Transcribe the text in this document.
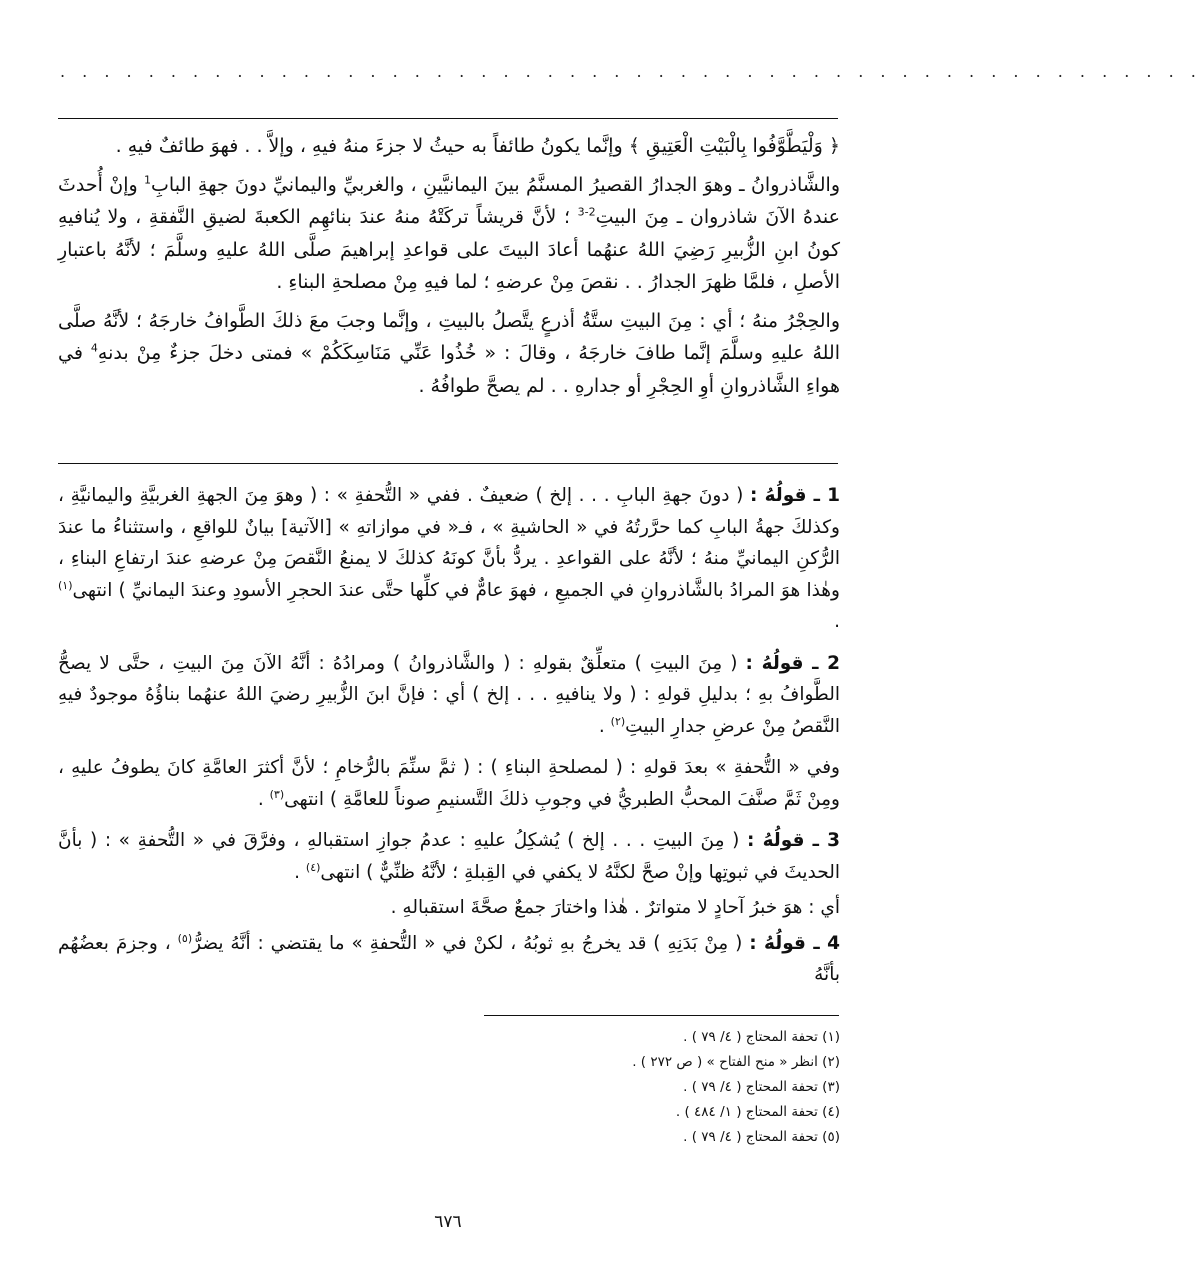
. . . . . . . . . . . . . . . . . . . . . . . . . . . . . . . . . . . . . . . . . . . . . . . . . . . .

﴿ وَلْيَطَّوَّفُوا بِالْبَيْتِ الْعَتِيقِ ﴾ وإنَّما يكونُ طائفاً به حيثُ لا جزءَ منهُ فيهِ ، وإلاَّ . . فهوَ طائفٌ فيهِ .

والشَّاذروانُ ـ وهوَ الجدارُ القصيرُ المسنَّمُ بينَ اليمانيَّينِ ، والغربيِّ واليمانيِّ دونَ جهةِ البابِ$^1$ وإنْ أُحدثَ عندهُ الآنَ شاذروان ـ مِنَ البيتِ$^{2-3}$ ؛ لأنَّ قريشاً تركَتْهُ منهُ عندَ بنائهِم الكعبةَ لضيقِ النَّفقةِ ، ولا يُنافيهِ كونُ ابنِ الزُّبيرِ رَضِيَ اللهُ عنهُما أعادَ البيتَ على قواعدِ إبراهيمَ صلَّى اللهُ عليهِ وسلَّمَ ؛ لأنَّهُ باعتبارِ الأصلِ ، فلمَّا ظهرَ الجدارُ . . نقصَ مِنْ عرضهِ ؛ لما فيهِ مِنْ مصلحةِ البناءِ .

والحِجْرُ منهُ ؛ أي : مِنَ البيتِ ستَّةُ أذرعٍ يتَّصلُ بالبيتِ ، وإنَّما وجبَ معَ ذلكَ الطَّوافُ خارجَهُ ؛ لأنَّهُ صلَّى اللهُ عليهِ وسلَّمَ إنَّما طافَ خارجَهُ ، وقالَ : « خُذُوا عَنِّي مَنَاسِكَكُمْ » فمتى دخلَ جزءٌ مِنْ بدنهِ$^4$ في هواءِ الشَّاذروانِ أوِ الحِجْرِ أو جدارهِ . . لم يصحَّ طوافُهُ .

1 ـ قولُهُ : ( دونَ جهةِ البابِ . . . إلخ ) ضعيفٌ . ففي « التُّحفةِ » : ( وهوَ مِنَ الجهةِ الغربيَّةِ واليمانيَّةِ ، وكذلكَ جهةُ البابِ كما حرَّرتُهُ في « الحاشيةِ » ، فـ« في موازاتهِ » [الآتية] بيانٌ للواقعِ ، واستثناءُ ما عندَ الرُّكنِ اليمانيِّ منهُ ؛ لأنَّهُ على القواعدِ . يردُّ بأنَّ كونَهُ كذلكَ لا يمنعُ النَّقصَ مِنْ عرضهِ عندَ ارتفاعِ البناءِ ، وهٰذا هوَ المرادُ بالشَّاذروانِ في الجميعِ ، فهوَ عامٌّ في كلِّها حتَّى عندَ الحجرِ الأسودِ وعندَ اليمانيِّ ) انتهى$^{(١)}$ .

2 ـ قولُهُ : ( مِنَ البيتِ ) متعلِّقٌ بقولهِ : ( والشَّاذروانُ ) ومرادُهُ : أنَّهُ الآنَ مِنَ البيتِ ، حتَّى لا يصحُّ الطَّوافُ بهِ ؛ بدليلِ قولهِ : ( ولا ينافيهِ . . . إلخ ) أي : فإنَّ ابنَ الزُّبيرِ رضيَ اللهُ عنهُما بناؤُهُ موجودٌ فيهِ النَّقصُ مِنْ عرضِ جدارِ البيتِ$^{(٢)}$ .

وفي « التُّحفةِ » بعدَ قولهِ : ( لمصلحةِ البناءِ ) : ( ثمَّ سنِّمَ بالرُّخامِ ؛ لأنَّ أكثرَ العامَّةِ كانَ يطوفُ عليهِ ، ومِنْ ثَمَّ صنَّفَ المحبُّ الطبريُّ في وجوبِ ذلكَ التَّسنيمِ صوناً للعامَّةِ ) انتهى$^{(٣)}$ .

3 ـ قولُهُ : ( مِنَ البيتِ . . . إلخ ) يُشكِلُ عليهِ : عدمُ جوازِ استقبالهِ ، وفرَّقَ في « التُّحفةِ » : ( بأنَّ الحديثَ في ثبوتِها وإنْ صحَّ لكنَّهُ لا يكفي في القِبلةِ ؛ لأنَّهُ ظنِّيٌّ ) انتهى$^{(٤)}$ .

أي : هوَ خبرُ آحادٍ لا متواترٌ . هٰذا واختارَ جمعٌ صحَّةَ استقبالهِ .

4 ـ قولُهُ : ( مِنْ بَدَنِهِ ) قد يخرجُ بهِ ثوبُهُ ، لكنْ في « التُّحفةِ » ما يقتضي : أنَّهُ يضرُّ$^{(٥)}$ ، وجزمَ بعضُهُم بأنَّهُ

(١) تحفة المحتاج ( ٤/ ٧٩ ) .
(٢) انظر « منح الفتاح » ( ص ٢٧٢ ) .
(٣) تحفة المحتاج ( ٤/ ٧٩ ) .
(٤) تحفة المحتاج ( ١/ ٤٨٤ ) .
(٥) تحفة المحتاج ( ٤/ ٧٩ ) .
٦٧٦
